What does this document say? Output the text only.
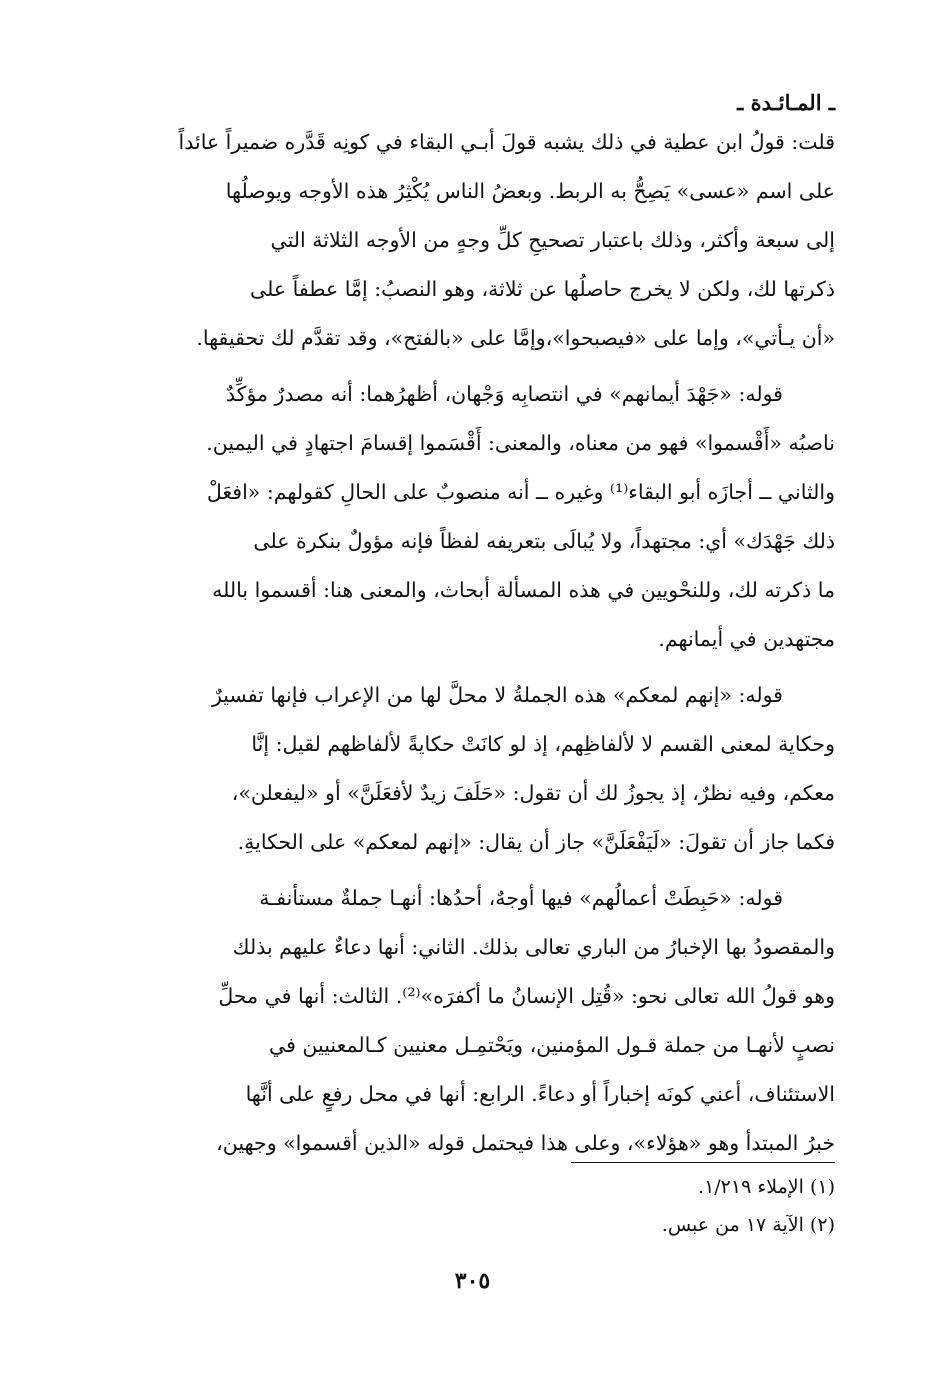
ـ المـائـدة ـ

قلت: قولُ ابن عطية في ذلك يشبه قولَ أبـي البقاء في كونِه قَدَّره ضميراً عائداً

على اسم «عسى» يَصِحُّ به الربط. وبعضُ الناس يُكْثِرُ هذه الأوجه ويوصلُها

إلى سبعة وأكثر، وذلك باعتبار تصحيحِ كلِّ وجهٍ من الأوجه الثلاثة التي

ذكرتها لك، ولكن لا يخرج حاصلُها عن ثلاثة، وهو النصبُ: إمَّا عطفاً على

«أن يـأتي»، وإما على «فيصبحوا»،وإمَّا على «بالفتح»، وقد تقدَّم لك تحقيقها.

قوله: «جَهْدَ أيمانهم» في انتصابِه وَجْهان، أظهرُهما: أنه مصدرٌ مؤكِّدٌ

ناصبُه «أَقْسموا» فهو من معناه، والمعنى: أَقْسَموا إقسامَ اجتهادٍ في اليمين.

والثاني ــ أجازَه أبو البقاء⁽¹⁾ وغيره ــ أنه منصوبٌ على الحالِ كقولهم: «افعَلْ

ذلك جَهْدَك» أي: مجتهداً، ولا يُبالَى بتعريفه لفظاً فإنه مؤولٌ بنكرة على

ما ذكرته لك، وللنحْويين في هذه المسألة أبحاث، والمعنى هنا: أقسموا بالله

مجتهدين في أيمانهم.

قوله: «إنهم لمعكم» هذه الجملةُ لا محلَّ لها من الإعراب فإنها تفسيرٌ

وحكاية لمعنى القسم لا لألفاظِهم، إذ لو كانَتْ حكايةً لألفاظهم لقيل: إنَّا

معكم، وفيه نظرٌ، إذ يجوزُ لك أن تقول: «حَلَفَ زيدٌ لأفعَلَنَّ» أو «ليفعلن»،

فكما جاز أن تقولَ: «لَيَفْعَلَنَّ» جاز أن يقال: «إنهم لمعكم» على الحكايةِ.

قوله: «حَبِطَتْ أعمالُهم» فيها أوجهٌ، أحدُها: أنهـا جملةٌ مستأنفـة

والمقصودُ بها الإخبارُ من الباري تعالى بذلك. الثاني: أنها دعاءٌ عليهم بذلك

وهو قولُ الله تعالى نحو: «قُتِل الإنسانُ ما أكفرَه»⁽²⁾. الثالث: أنها في محلِّ

نصبٍ لأنهـا من جملة قـول المؤمنين، ويَحْتمِـل معنيين كـالمعنيين في

الاستئناف، أعني كونَه إخباراً أو دعاءً. الرابع: أنها في محل رفعٍ على أنَّها

خبرُ المبتدأ وهو «هؤلاء»، وعلى هذا فيحتمل قوله «الذين أقسموا» وجهين،

(١) الإملاء ١/٢١٩.

(٢) الآية ١٧ من عبس.

٣٠٥
